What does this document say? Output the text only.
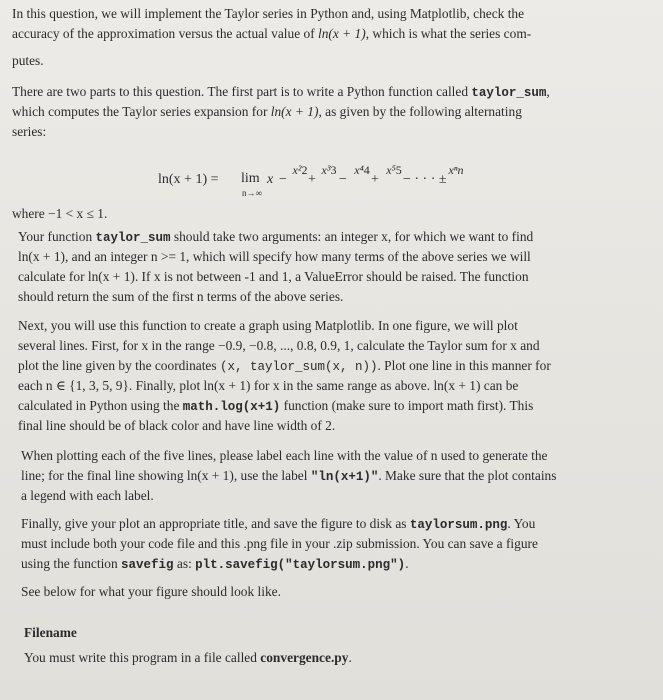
In this question, we will implement the Taylor series in Python and, using Matplotlib, check the

accuracy of the approximation versus the actual value of ln(x + 1), which is what the series com-

putes.

There are two parts to this question. The first part is to write a Python function called taylor_sum,

which computes the Taylor series expansion for ln(x + 1), as given by the following alternating

series:

ln(x + 1) = lim
n→∞
x −
x² 2
+
x³ 3
−
x⁴ 4
+
x⁵ 5
− · · · ±
xⁿ
n

where −1 < x ≤ 1.

Your function taylor_sum should take two arguments: an integer x, for which we want to find

ln(x + 1), and an integer n >= 1, which will specify how many terms of the above series we will

calculate for ln(x + 1). If x is not between -1 and 1, a ValueError should be raised. The function

should return the sum of the first n terms of the above series.

Next, you will use this function to create a graph using Matplotlib. In one figure, we will plot

several lines. First, for x in the range −0.9, −0.8, ..., 0.8, 0.9, 1, calculate the Taylor sum for x and

plot the line given by the coordinates (x, taylor_sum(x, n)). Plot one line in this manner for

each n ∈ {1, 3, 5, 9}. Finally, plot ln(x + 1) for x in the same range as above. ln(x + 1) can be

calculated in Python using the math.log(x+1) function (make sure to import math first). This

final line should be of black color and have line width of 2.

When plotting each of the five lines, please label each line with the value of n used to generate the

line; for the final line showing ln(x + 1), use the label "ln(x+1)". Make sure that the plot contains

a legend with each label.

Finally, give your plot an appropriate title, and save the figure to disk as taylorsum.png. You

must include both your code file and this .png file in your .zip submission. You can save a figure

using the function savefig as: plt.savefig("taylorsum.png").

See below for what your figure should look like.

Filename

You must write this program in a file called convergence.py.
